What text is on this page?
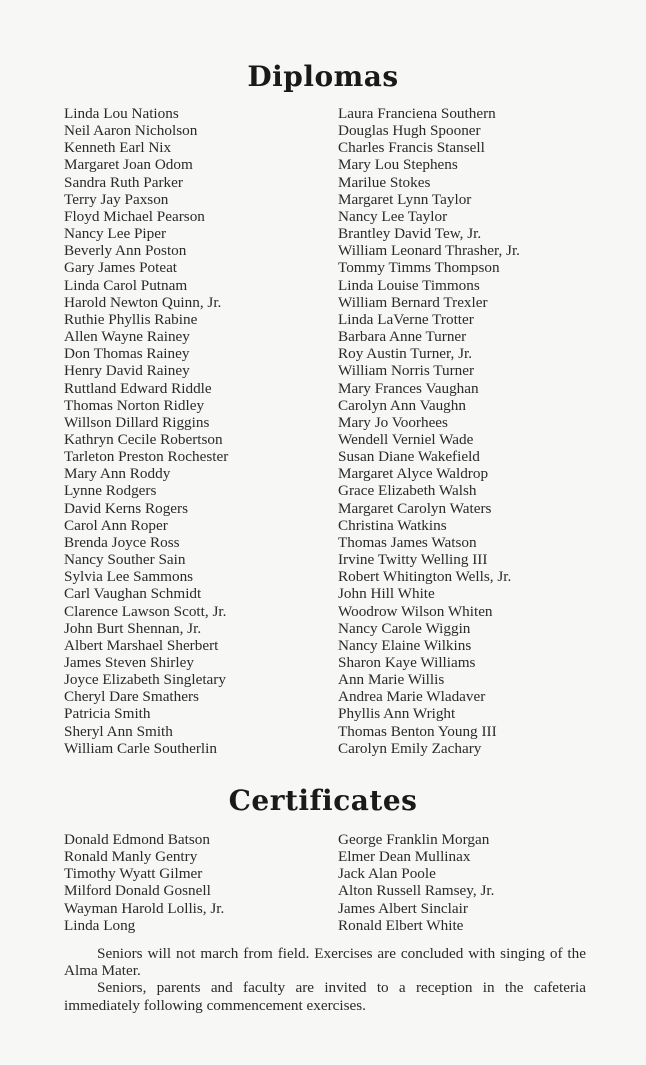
Diplomas
Linda Lou Nations
Neil Aaron Nicholson
Kenneth Earl Nix
Margaret Joan Odom
Sandra Ruth Parker
Terry Jay Paxson
Floyd Michael Pearson
Nancy Lee Piper
Beverly Ann Poston
Gary James Poteat
Linda Carol Putnam
Harold Newton Quinn, Jr.
Ruthie Phyllis Rabine
Allen Wayne Rainey
Don Thomas Rainey
Henry David Rainey
Ruttland Edward Riddle
Thomas Norton Ridley
Willson Dillard Riggins
Kathryn Cecile Robertson
Tarleton Preston Rochester
Mary Ann Roddy
Lynne Rodgers
David Kerns Rogers
Carol Ann Roper
Brenda Joyce Ross
Nancy Souther Sain
Sylvia Lee Sammons
Carl Vaughan Schmidt
Clarence Lawson Scott, Jr.
John Burt Shennan, Jr.
Albert Marshael Sherbert
James Steven Shirley
Joyce Elizabeth Singletary
Cheryl Dare Smathers
Patricia Smith
Sheryl Ann Smith
William Carle Southerlin
Laura Franciena Southern
Douglas Hugh Spooner
Charles Francis Stansell
Mary Lou Stephens
Marilue Stokes
Margaret Lynn Taylor
Nancy Lee Taylor
Brantley David Tew, Jr.
William Leonard Thrasher, Jr.
Tommy Timms Thompson
Linda Louise Timmons
William Bernard Trexler
Linda LaVerne Trotter
Barbara Anne Turner
Roy Austin Turner, Jr.
William Norris Turner
Mary Frances Vaughan
Carolyn Ann Vaughn
Mary Jo Voorhees
Wendell Verniel Wade
Susan Diane Wakefield
Margaret Alyce Waldrop
Grace Elizabeth Walsh
Margaret Carolyn Waters
Christina Watkins
Thomas James Watson
Irvine Twitty Welling III
Robert Whitington Wells, Jr.
John Hill White
Woodrow Wilson Whiten
Nancy Carole Wiggin
Nancy Elaine Wilkins
Sharon Kaye Williams
Ann Marie Willis
Andrea Marie Wladaver
Phyllis Ann Wright
Thomas Benton Young III
Carolyn Emily Zachary
Certificates
Donald Edmond Batson
Ronald Manly Gentry
Timothy Wyatt Gilmer
Milford Donald Gosnell
Wayman Harold Lollis, Jr.
Linda Long
George Franklin Morgan
Elmer Dean Mullinax
Jack Alan Poole
Alton Russell Ramsey, Jr.
James Albert Sinclair
Ronald Elbert White

Seniors will not march from field. Exercises are concluded with singing of the Alma Mater.

Seniors, parents and faculty are invited to a reception in the cafeteria immediately following commencement exercises.
